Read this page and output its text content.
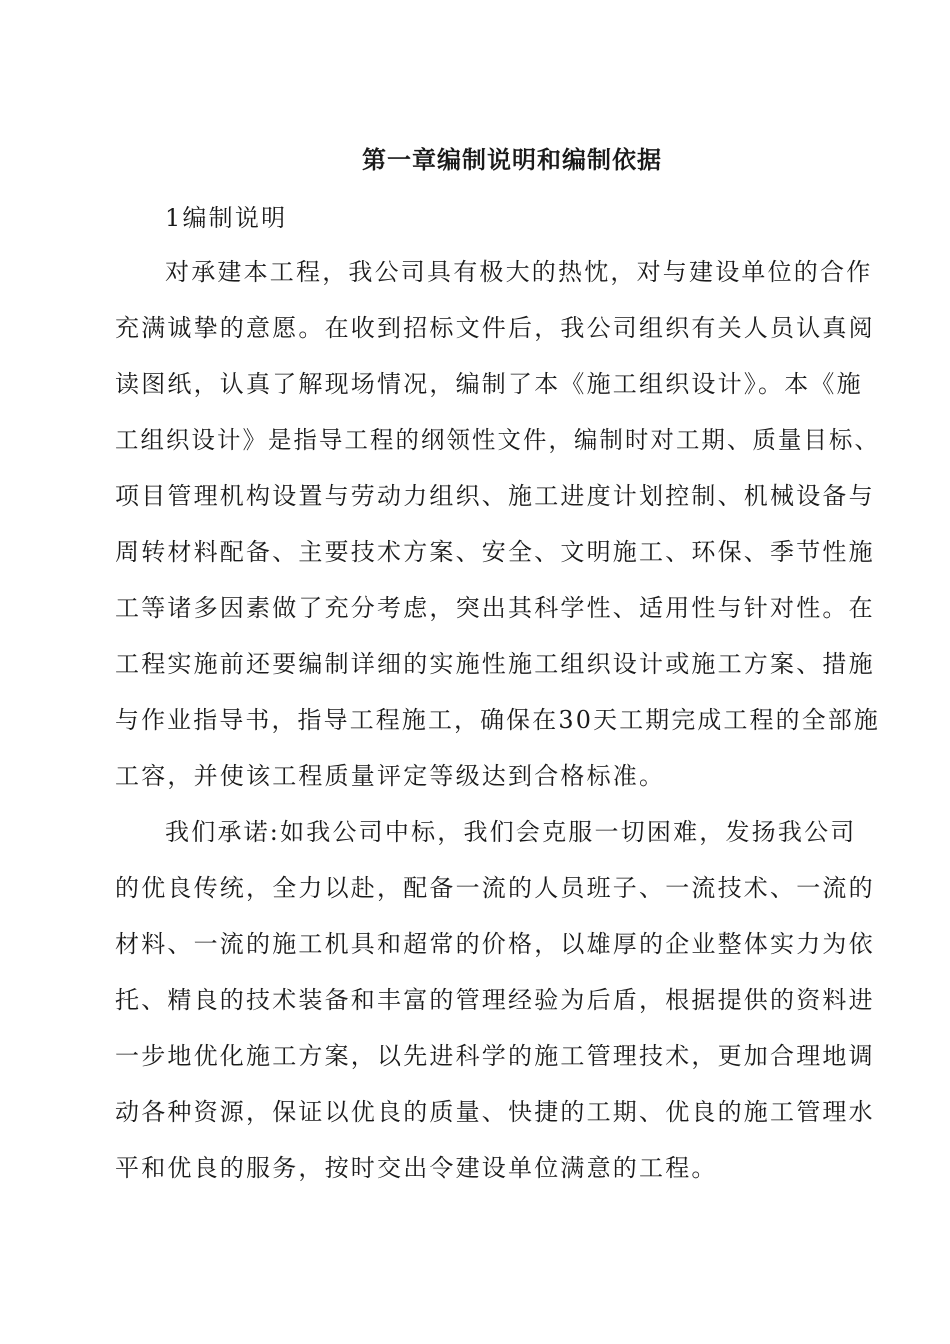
第一章编制说明和编制依据
1编制说明
对承建本工程，我公司具有极大的热忱，对与建设单位的合作
充满诚挚的意愿。在收到招标文件后，我公司组织有关人员认真阅
读图纸，认真了解现场情况，编制了本《施工组织设计》。本《施
工组织设计》是指导工程的纲领性文件，编制时对工期、质量目标、
项目管理机构设置与劳动力组织、施工进度计划控制、机械设备与
周转材料配备、主要技术方案、安全、文明施工、环保、季节性施
工等诸多因素做了充分考虑，突出其科学性、适用性与针对性。在
工程实施前还要编制详细的实施性施工组织设计或施工方案、措施
与作业指导书，指导工程施工，确保在30天工期完成工程的全部施
工容，并使该工程质量评定等级达到合格标准。
我们承诺:如我公司中标，我们会克服一切困难，发扬我公司
的优良传统，全力以赴，配备一流的人员班子、一流技术、一流的
材料、一流的施工机具和超常的价格，以雄厚的企业整体实力为依
托、精良的技术装备和丰富的管理经验为后盾，根据提供的资料进
一步地优化施工方案，以先进科学的施工管理技术，更加合理地调
动各种资源，保证以优良的质量、快捷的工期、优良的施工管理水
平和优良的服务，按时交出令建设单位满意的工程。
